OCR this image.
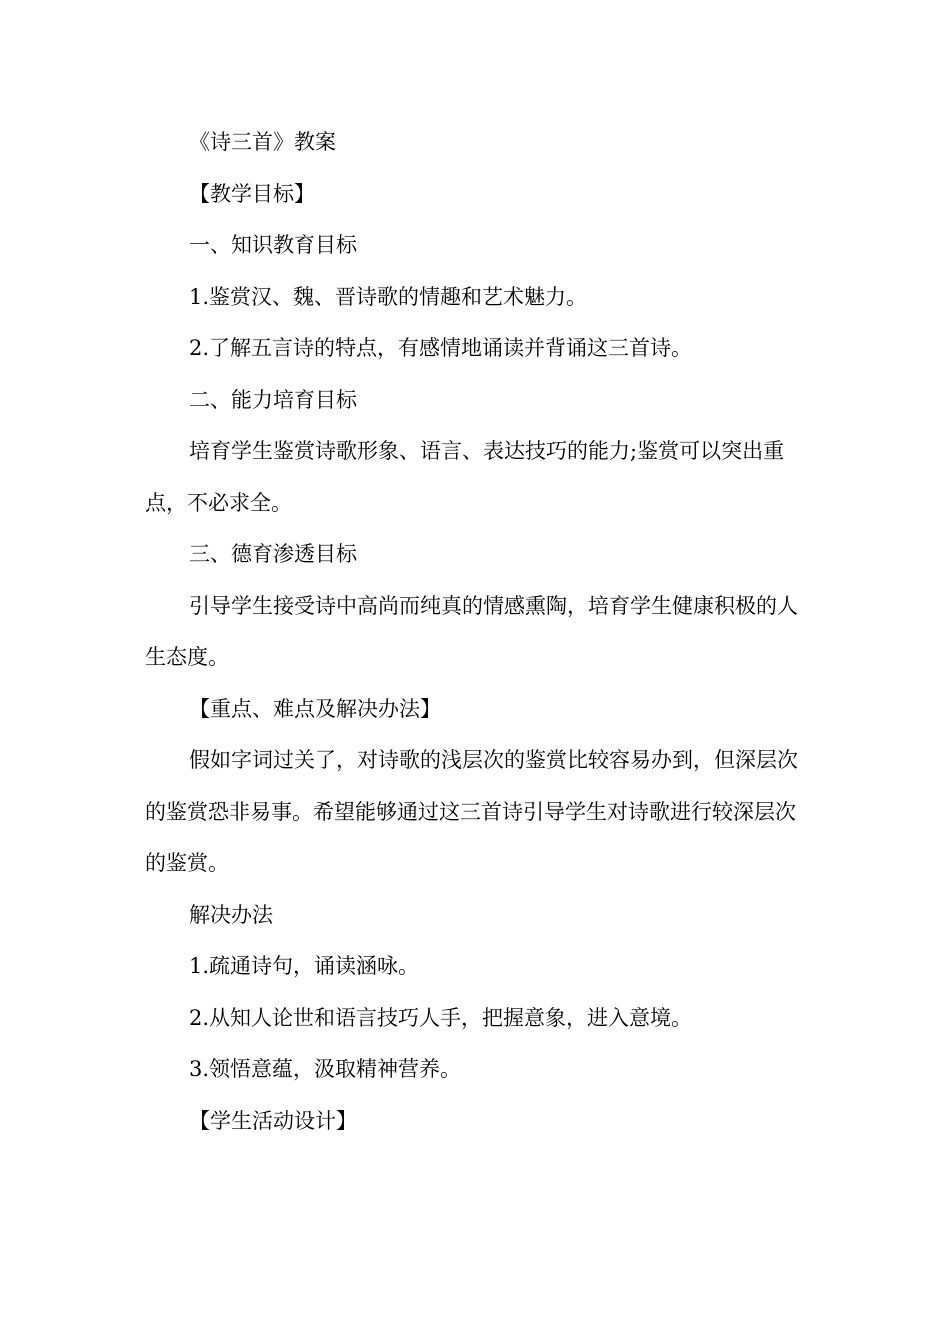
《诗三首》教案

【教学目标】

一、知识教育目标

1.鉴赏汉、魏、晋诗歌的情趣和艺术魅力。

2.了解五言诗的特点，有感情地诵读并背诵这三首诗。

二、能力培育目标

培育学生鉴赏诗歌形象、语言、表达技巧的能力;鉴赏可以突出重点，不必求全。

三、德育渗透目标

引导学生接受诗中高尚而纯真的情感熏陶，培育学生健康积极的人生态度。

【重点、难点及解决办法】

假如字词过关了，对诗歌的浅层次的鉴赏比较容易办到，但深层次的鉴赏恐非易事。希望能够通过这三首诗引导学生对诗歌进行较深层次的鉴赏。

解决办法

1.疏通诗句，诵读涵咏。

2.从知人论世和语言技巧人手，把握意象，进入意境。

3.领悟意蕴，汲取精神营养。

【学生活动设计】
